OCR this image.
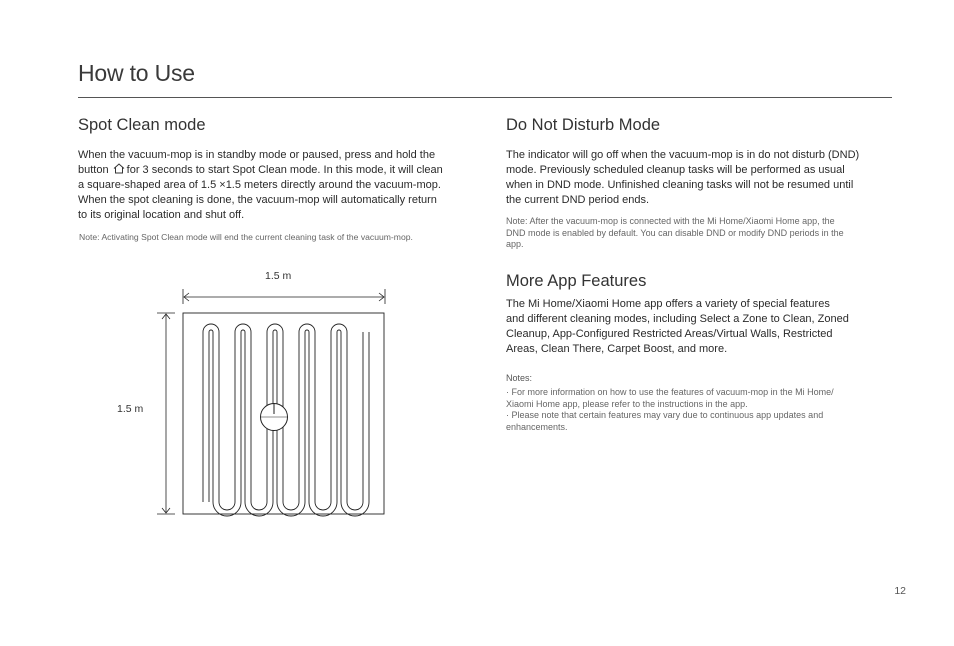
How to Use
Spot Clean mode
When the vacuum-mop is in standby mode or paused, press and hold the
button for 3 seconds to start Spot Clean mode. In this mode, it will clean
a square-shaped area of 1.5 ×1.5 meters directly around the vacuum-mop.
When the spot cleaning is done, the vacuum-mop will automatically return
to its original location and shut off.

Note: Activating Spot Clean mode will end the current cleaning task of the vacuum-mop.

1.5 m
1.5 m
Do Not Disturb Mode
The indicator will go off when the vacuum-mop is in do not disturb (DND)
mode. Previously scheduled cleanup tasks will be performed as usual
when in DND mode. Unfinished cleaning tasks will not be resumed until
the current DND period ends.
Note: After the vacuum-mop is connected with the Mi Home/Xiaomi Home app, the
DND mode is enabled by default. You can disable DND or modify DND periods in the
app.
More App Features
The Mi Home/Xiaomi Home app offers a variety of special features
and different cleaning modes, including Select a Zone to Clean, Zoned
Cleanup, App-Configured Restricted Areas/Virtual Walls, Restricted
Areas, Clean There, Carpet Boost, and more.
Notes:
· For more information on how to use the features of vacuum-mop in the Mi Home/
Xiaomi Home app, please refer to the instructions in the app.
· Please note that certain features may vary due to continuous app updates and
enhancements.
12
